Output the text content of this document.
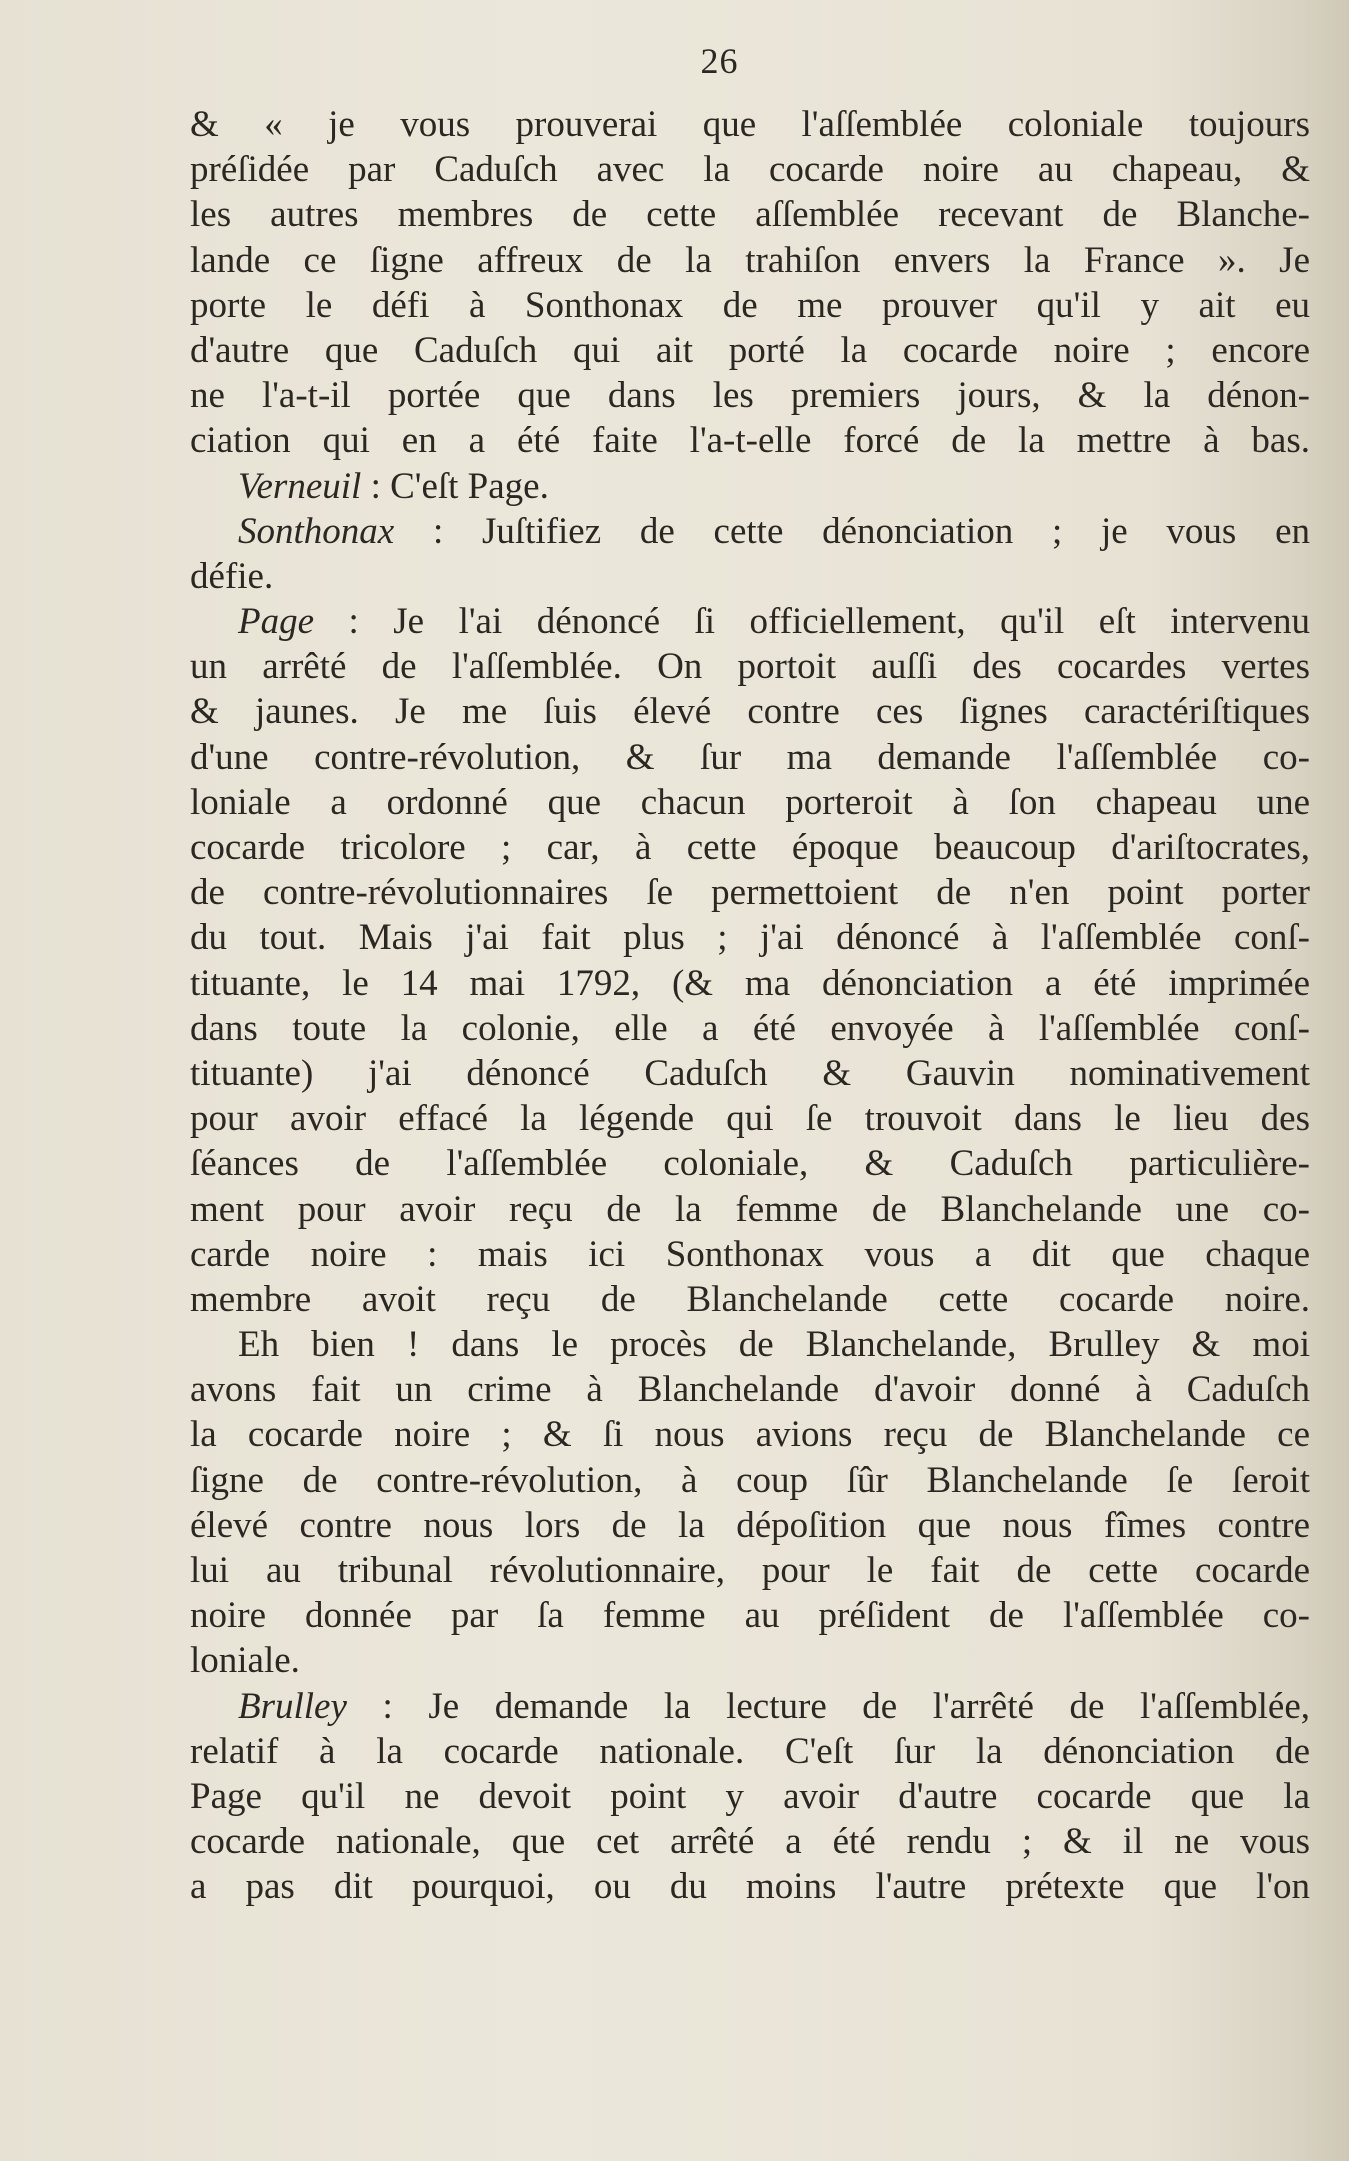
26
& « je vous prouverai que l'aſſemblée coloniale toujours
préſidée par Caduſch avec la cocarde noire au chapeau, &
les autres membres de cette aſſemblée recevant de Blanche-
lande ce ſigne affreux de la trahiſon envers la France ». Je
porte le défi à Sonthonax de me prouver qu'il y ait eu
d'autre que Caduſch qui ait porté la cocarde noire ; encore
ne l'a-t-il portée que dans les premiers jours, & la dénon-
ciation qui en a été faite l'a-t-elle forcé de la mettre à bas.
Verneuil : C'eſt Page.
Sonthonax : Juſtifiez de cette dénonciation ; je vous en
défie.
Page : Je l'ai dénoncé ſi officiellement, qu'il eſt intervenu
un arrêté de l'aſſemblée. On portoit auſſi des cocardes vertes
& jaunes. Je me ſuis élevé contre ces ſignes caractériſtiques
d'une contre-révolution, & ſur ma demande l'aſſemblée co-
loniale a ordonné que chacun porteroit à ſon chapeau une
cocarde tricolore ; car, à cette époque beaucoup d'ariſtocrates,
de contre-révolutionnaires ſe permettoient de n'en point porter
du tout. Mais j'ai fait plus ; j'ai dénoncé à l'aſſemblée conſ-
tituante, le 14 mai 1792, (& ma dénonciation a été imprimée
dans toute la colonie, elle a été envoyée à l'aſſemblée conſ-
tituante) j'ai dénoncé Caduſch & Gauvin nominativement
pour avoir effacé la légende qui ſe trouvoit dans le lieu des
ſéances de l'aſſemblée coloniale, & Caduſch particulière-
ment pour avoir reçu de la femme de Blanchelande une co-
carde noire : mais ici Sonthonax vous a dit que chaque
membre avoit reçu de Blanchelande cette cocarde noire.
Eh bien ! dans le procès de Blanchelande, Brulley & moi
avons fait un crime à Blanchelande d'avoir donné à Caduſch
la cocarde noire ; & ſi nous avions reçu de Blanchelande ce
ſigne de contre-révolution, à coup ſûr Blanchelande ſe ſeroit
élevé contre nous lors de la dépoſition que nous fîmes contre
lui au tribunal révolutionnaire, pour le fait de cette cocarde
noire donnée par ſa femme au préſident de l'aſſemblée co-
loniale.
Brulley : Je demande la lecture de l'arrêté de l'aſſemblée,
relatif à la cocarde nationale. C'eſt ſur la dénonciation de
Page qu'il ne devoit point y avoir d'autre cocarde que la
cocarde nationale, que cet arrêté a été rendu ; & il ne vous
a pas dit pourquoi, ou du moins l'autre prétexte que l'on
